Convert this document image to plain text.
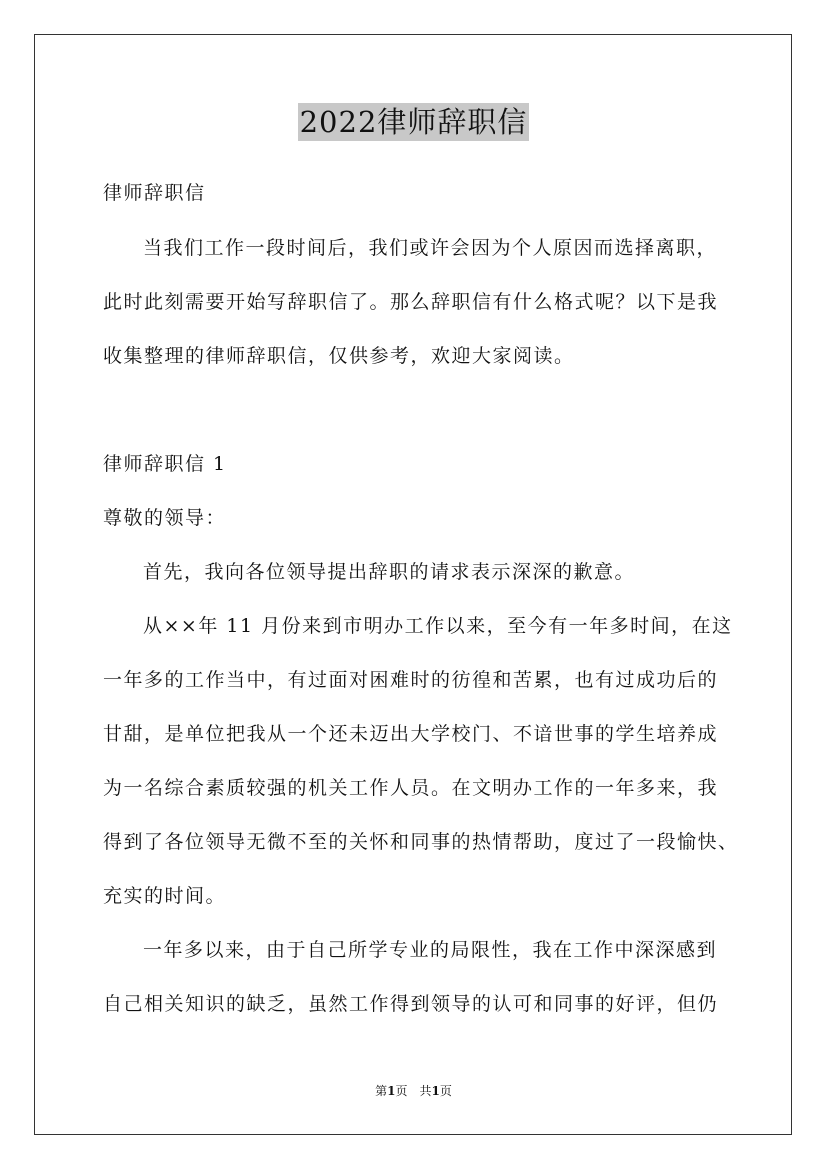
2022律师辞职信
律师辞职信
当我们工作一段时间后，我们或许会因为个人原因而选择离职，
此时此刻需要开始写辞职信了。那么辞职信有什么格式呢？以下是我
收集整理的律师辞职信，仅供参考，欢迎大家阅读。
律师辞职信 1
尊敬的领导：
首先，我向各位领导提出辞职的请求表示深深的歉意。
从××年 11 月份来到市明办工作以来，至今有一年多时间，在这
一年多的工作当中，有过面对困难时的彷徨和苦累，也有过成功后的
甘甜，是单位把我从一个还未迈出大学校门、不谙世事的学生培养成
为一名综合素质较强的机关工作人员。在文明办工作的一年多来，我
得到了各位领导无微不至的关怀和同事的热情帮助，度过了一段愉快、
充实的时间。
一年多以来，由于自己所学专业的局限性，我在工作中深深感到
自己相关知识的缺乏，虽然工作得到领导的认可和同事的好评，但仍
第1页　共1页
